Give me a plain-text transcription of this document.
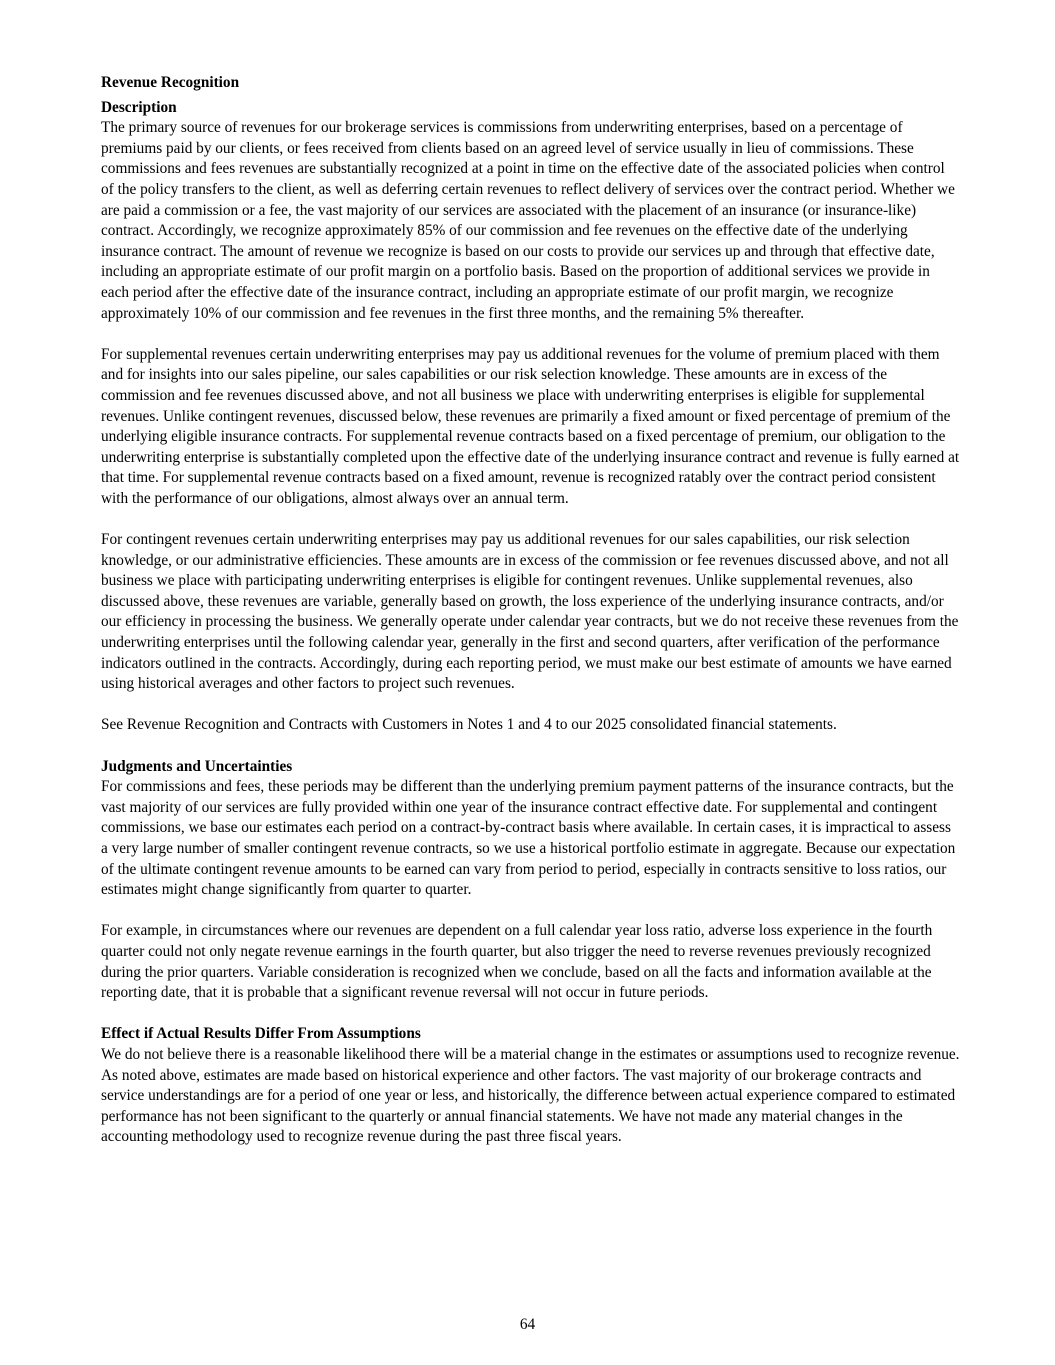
Revenue Recognition
Description

The primary source of revenues for our brokerage services is commissions from underwriting enterprises, based on a percentage of premiums paid by our clients, or fees received from clients based on an agreed level of service usually in lieu of commissions. These commissions and fees revenues are substantially recognized at a point in time on the effective date of the associated policies when control of the policy transfers to the client, as well as deferring certain revenues to reflect delivery of services over the contract period. Whether we are paid a commission or a fee, the vast majority of our services are associated with the placement of an insurance (or insurance-like) contract. Accordingly, we recognize approximately 85% of our commission and fee revenues on the effective date of the underlying insurance contract. The amount of revenue we recognize is based on our costs to provide our services up and through that effective date, including an appropriate estimate of our profit margin on a portfolio basis. Based on the proportion of additional services we provide in each period after the effective date of the insurance contract, including an appropriate estimate of our profit margin, we recognize approximately 10% of our commission and fee revenues in the first three months, and the remaining 5% thereafter.

For supplemental revenues certain underwriting enterprises may pay us additional revenues for the volume of premium placed with them and for insights into our sales pipeline, our sales capabilities or our risk selection knowledge. These amounts are in excess of the commission and fee revenues discussed above, and not all business we place with underwriting enterprises is eligible for supplemental revenues. Unlike contingent revenues, discussed below, these revenues are primarily a fixed amount or fixed percentage of premium of the underlying eligible insurance contracts. For supplemental revenue contracts based on a fixed percentage of premium, our obligation to the underwriting enterprise is substantially completed upon the effective date of the underlying insurance contract and revenue is fully earned at that time. For supplemental revenue contracts based on a fixed amount, revenue is recognized ratably over the contract period consistent with the performance of our obligations, almost always over an annual term.

For contingent revenues certain underwriting enterprises may pay us additional revenues for our sales capabilities, our risk selection knowledge, or our administrative efficiencies. These amounts are in excess of the commission or fee revenues discussed above, and not all business we place with participating underwriting enterprises is eligible for contingent revenues. Unlike supplemental revenues, also discussed above, these revenues are variable, generally based on growth, the loss experience of the underlying insurance contracts, and/or our efficiency in processing the business. We generally operate under calendar year contracts, but we do not receive these revenues from the underwriting enterprises until the following calendar year, generally in the first and second quarters, after verification of the performance indicators outlined in the contracts. Accordingly, during each reporting period, we must make our best estimate of amounts we have earned using historical averages and other factors to project such revenues.

See Revenue Recognition and Contracts with Customers in Notes 1 and 4 to our 2025 consolidated financial statements.

Judgments and Uncertainties

For commissions and fees, these periods may be different than the underlying premium payment patterns of the insurance contracts, but the vast majority of our services are fully provided within one year of the insurance contract effective date. For supplemental and contingent commissions, we base our estimates each period on a contract-by-contract basis where available. In certain cases, it is impractical to assess a very large number of smaller contingent revenue contracts, so we use a historical portfolio estimate in aggregate. Because our expectation of the ultimate contingent revenue amounts to be earned can vary from period to period, especially in contracts sensitive to loss ratios, our estimates might change significantly from quarter to quarter.

For example, in circumstances where our revenues are dependent on a full calendar year loss ratio, adverse loss experience in the fourth quarter could not only negate revenue earnings in the fourth quarter, but also trigger the need to reverse revenues previously recognized during the prior quarters. Variable consideration is recognized when we conclude, based on all the facts and information available at the reporting date, that it is probable that a significant revenue reversal will not occur in future periods.

Effect if Actual Results Differ From Assumptions

We do not believe there is a reasonable likelihood there will be a material change in the estimates or assumptions used to recognize revenue. As noted above, estimates are made based on historical experience and other factors. The vast majority of our brokerage contracts and service understandings are for a period of one year or less, and historically, the difference between actual experience compared to estimated performance has not been significant to the quarterly or annual financial statements. We have not made any material changes in the accounting methodology used to recognize revenue during the past three fiscal years.

64
